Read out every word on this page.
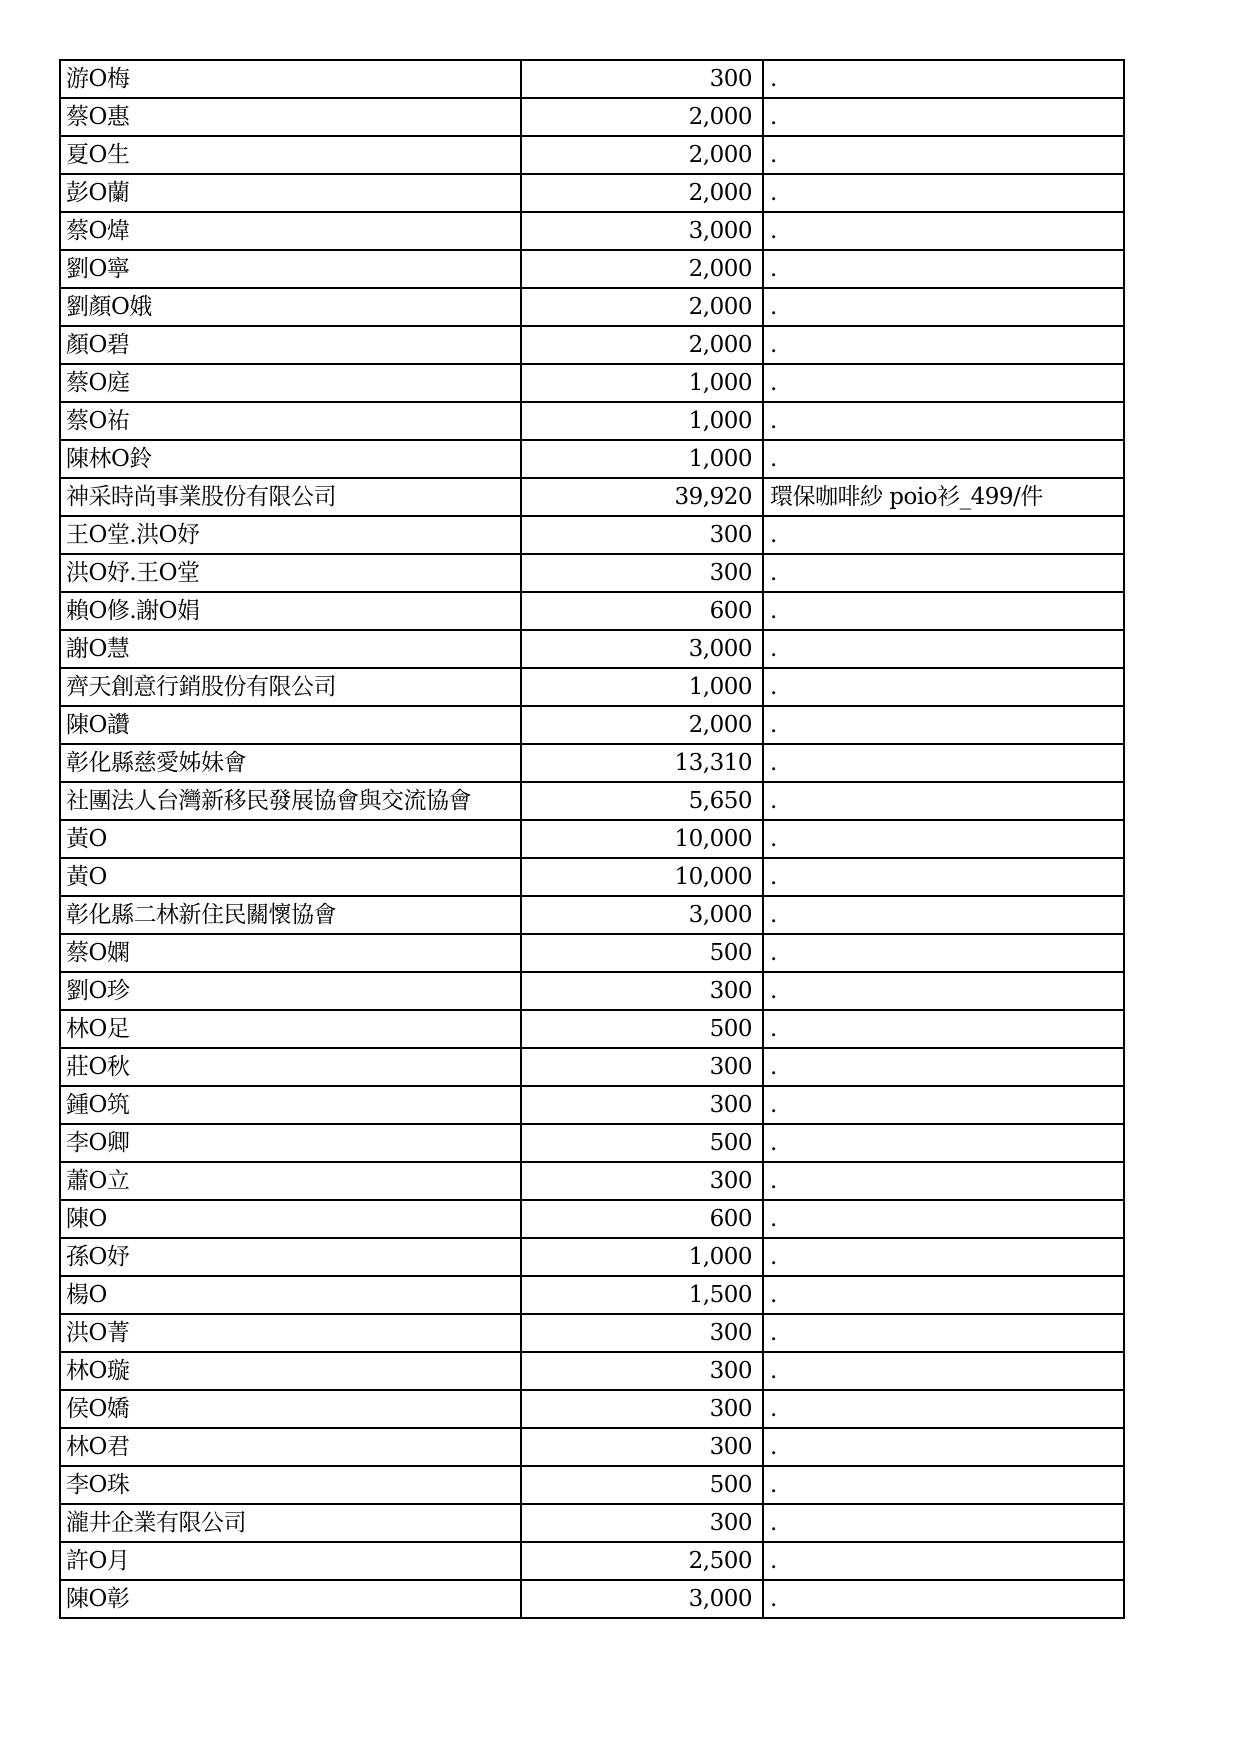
游O梅	300	.
蔡O惠	2,000	.
夏O生	2,000	.
彭O蘭	2,000	.
蔡O煒	3,000	.
劉O寧	2,000	.
劉顏O娥	2,000	.
顏O碧	2,000	.
蔡O庭	1,000	.
蔡O祐	1,000	.
陳林O鈴	1,000	.
神采時尚事業股份有限公司	39,920	環保咖啡紗 poio衫_499/件
王O堂.洪O妤	300	.
洪O妤.王O堂	300	.
賴O修.謝O娟	600	.
謝O慧	3,000	.
齊天創意行銷股份有限公司	1,000	.
陳O讚	2,000	.
彰化縣慈愛姊妹會	13,310	.
社團法人台灣新移民發展協會與交流協會	5,650	.
黃O	10,000	.
黃O	10,000	.
彰化縣二林新住民關懷協會	3,000	.
蔡O嫻	500	.
劉O珍	300	.
林O足	500	.
莊O秋	300	.
鍾O筑	300	.
李O卿	500	.
蕭O立	300	.
陳O	600	.
孫O妤	1,000	.
楊O	1,500	.
洪O菁	300	.
林O璇	300	.
侯O嬌	300	.
林O君	300	.
李O珠	500	.
瀧井企業有限公司	300	.
許O月	2,500	.
陳O彰	3,000	.
